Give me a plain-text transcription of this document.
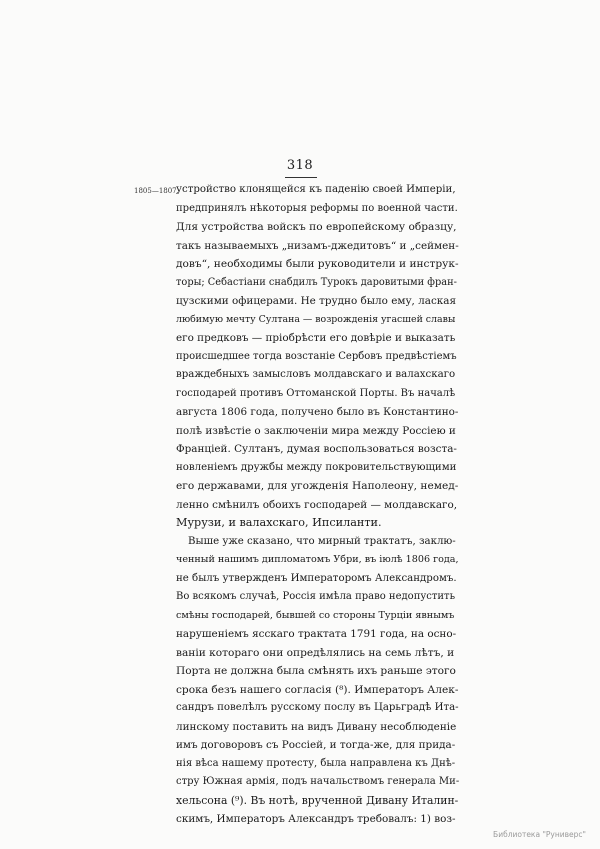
318
1805—1807.
устройство клонящейся къ паденію своей Имперіи,
предпринялъ нѣкоторыя реформы по военной части.
Для устройства войскъ по европейскому образцу,
такъ называемыхъ „низамъ-джедитовъ“ и „сеймен-
довъ“, необходимы были руководители и инструк-
торы; Себастіани снабдилъ Турокъ даровитыми фран-
цузскими офицерами. Не трудно было ему, лаская
любимую мечту Султана — возрожденія угасшей славы
его предковъ — пріобрѣсти его довѣріе и выказать
происшедшее тогда возстаніе Сербовъ предвѣстіемъ
враждебныхъ замысловъ молдавскаго и валахскаго
господарей противъ Оттоманской Порты. Въ началѣ
августа 1806 года, получено было въ Константино-
полѣ извѣстіе о заключеніи мира между Россіею и
Франціей. Султанъ, думая воспользоваться возста-
новленіемъ дружбы между покровительствующими
его державами, для угожденія Наполеону, немед-
ленно смѣнилъ обоихъ господарей — молдавскаго,
Мурузи, и валахскаго, Ипсиланти.
Выше уже сказано, что мирный трактатъ, заклю-
ченный нашимъ дипломатомъ Убри, въ іюлѣ 1806 года,
не былъ утвержденъ Императоромъ Александромъ.
Во всякомъ случаѣ, Россія имѣла право недопустить
смѣны господарей, бывшей со стороны Турціи явнымъ
нарушеніемъ ясскаго трактата 1791 года, на осно-
ваніи котораго они опредѣлялись на семь лѣтъ, и
Порта не должна была смѣнять ихъ раньше этого
срока безъ нашего согласія (⁸). Императоръ Алек-
сандръ повелѣлъ русскому послу въ Царьградѣ Ита-
линскому поставить на видъ Дивану несоблюденіе
имъ договоровъ съ Россіей, и тогда-же, для прида-
нія вѣса нашему протесту, была направлена къ Днѣ-
стру Южная армія, подъ начальствомъ генерала Ми-
хельсона (⁹). Въ нотѣ, врученной Дивану Италин-
скимъ, Императоръ Александръ требовалъ: 1) воз-
Библиотека "Руниверс"
